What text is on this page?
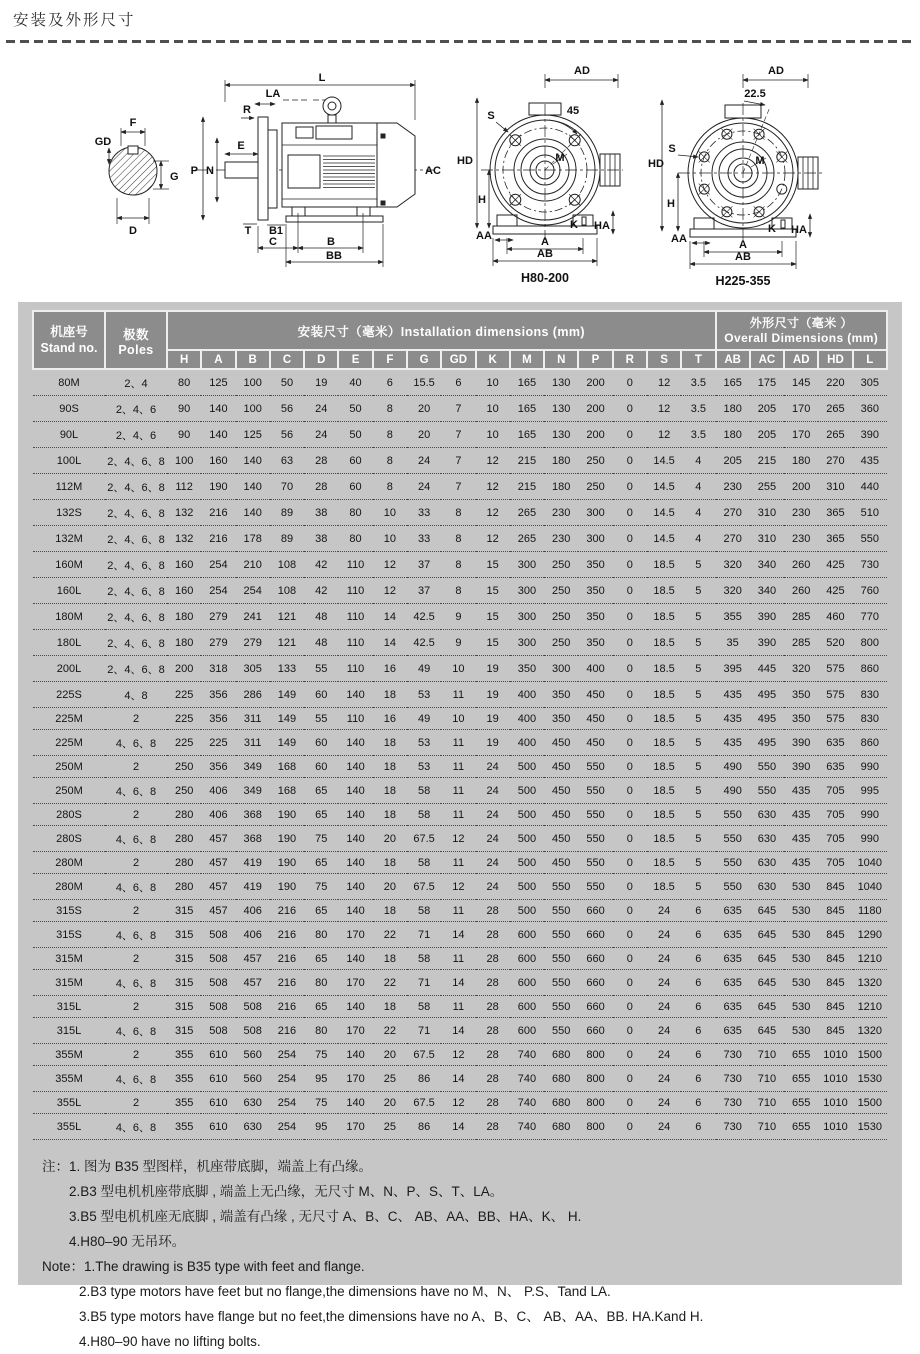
安装及外形尺寸
F
GD
G
D
L
LA
R
E
P N	AC
T B1
C	B
BB
AD
45
S
HD	M
H
AA
K HA
A
AB
H80-200
AD
22.5
S
HD	M
H
AA
K HA
A
AB
H225-355
机座号
Stand no.
	极数 Poles	安装尺寸（毫米）Installation dimensions (mm)	
外形尺寸（毫米 ）
Overall Dimensions (mm)

		H	A	B	C	D	E	F	G	GD	K	M	N	P	R	S	T	AB	AC	AD	HD	L
80M	2、4	80	125	100	50	19	40	6	15.5	6	10	165	130	200	0	12	3.5	165	175	145	220	305
90S	2、4、6	90	140	100	56	24	50	8	20	7	10	165	130	200	0	12	3.5	180	205	170	265	360
90L	2、4、6	90	140	125	56	24	50	8	20	7	10	165	130	200	0	12	3.5	180	205	170	265	390
100L	2、4、6、8	100	160	140	63	28	60	8	24	7	12	215	180	250	0	14.5	4	205	215	180	270	435
112M	2、4、6、8	112	190	140	70	28	60	8	24	7	12	215	180	250	0	14.5	4	230	255	200	310	440
132S	2、4、6、8	132	216	140	89	38	80	10	33	8	12	265	230	300	0	14.5	4	270	310	230	365	510
132M	2、4、6、8	132	216	178	89	38	80	10	33	8	12	265	230	300	0	14.5	4	270	310	230	365	550
160M	2、4、6、8	160	254	210	108	42	110	12	37	8	15	300	250	350	0	18.5	5	320	340	260	425	730
160L	2、4、6、8	160	254	254	108	42	110	12	37	8	15	300	250	350	0	18.5	5	320	340	260	425	760
180M	2、4、6、8	180	279	241	121	48	110	14	42.5	9	15	300	250	350	0	18.5	5	355	390	285	460	770
180L	2、4、6、8	180	279	279	121	48	110	14	42.5	9	15	300	250	350	0	18.5	5	35	390	285	520	800
200L	2、4、6、8	200	318	305	133	55	110	16	49	10	19	350	300	400	0	18.5	5	395	445	320	575	860
225S	4、8	225	356	286	149	60	140	18	53	11	19	400	350	450	0	18.5	5	435	495	350	575	830
225M	2	225	356	311	149	55	110	16	49	10	19	400	350	450	0	18.5	5	435	495	350	575	830
225M	4、6、8	225	225	311	149	60	140	18	53	11	19	400	450	450	0	18.5	5	435	495	390	635	860
250M	2	250	356	349	168	60	140	18	53	11	24	500	450	550	0	18.5	5	490	550	390	635	990
250M	4、6、8	250	406	349	168	65	140	18	58	11	24	500	450	550	0	18.5	5	490	550	435	705	995
280S	2	280	406	368	190	65	140	18	58	11	24	500	450	550	0	18.5	5	550	630	435	705	990
280S	4、6、8	280	457	368	190	75	140	20	67.5	12	24	500	450	550	0	18.5	5	550	630	435	705	990
280M	2	280	457	419	190	65	140	18	58	11	24	500	450	550	0	18.5	5	550	630	435	705	1040
280M	4、6、8	280	457	419	190	75	140	20	67.5	12	24	500	550	550	0	18.5	5	550	630	530	845	1040
315S	2	315	457	406	216	65	140	18	58	11	28	500	550	660	0	24	6	635	645	530	845	1180
315S	4、6、8	315	508	406	216	80	170	22	71	14	28	600	550	660	0	24	6	635	645	530	845	1290
315M	2	315	508	457	216	65	140	18	58	11	28	600	550	660	0	24	6	635	645	530	845	1210
315M	4、6、8	315	508	457	216	80	170	22	71	14	28	600	550	660	0	24	6	635	645	530	845	1320
315L	2	315	508	508	216	65	140	18	58	11	28	600	550	660	0	24	6	635	645	530	845	1210
315L	4、6、8	315	508	508	216	80	170	22	71	14	28	600	550	660	0	24	6	635	645	530	845	1320
355M	2	355	610	560	254	75	140	20	67.5	12	28	740	680	800	0	24	6	730	710	655	1010	1500
355M	4、6、8	355	610	560	254	95	170	25	86	14	28	740	680	800	0	24	6	730	710	655	1010	1530
355L	2	355	610	630	254	75	140	20	67.5	12	28	740	680	800	0	24	6	730	710	655	1010	1500
355L	4、6、8	355	610	630	254	95	170	25	86	14	28	740	680	800	0	24	6	730	710	655	1010	1530
注：1. 图为 B35 型图样，机座带底脚，端盖上有凸缘。
2.B3 型电机机座带底脚 , 端盖上无凸缘，无尺寸 M、N、P、S、T、LA。
3.B5 型电机机座无底脚 , 端盖有凸缘 , 无尺寸 A、B、C、 AB、AA、BB、HA、K、 H.
4.H80–90 无吊环。
Note：1.The drawing is B35 type with feet and flange.
2.B3 type motors have feet but no flange,the dimensions have no M、N、 P.S、Tand LA.
3.B5 type motors have flange but no feet,the dimensions have no A、B、C、 AB、AA、BB. HA.Kand H.
4.H80–90 have no lifting bolts.
